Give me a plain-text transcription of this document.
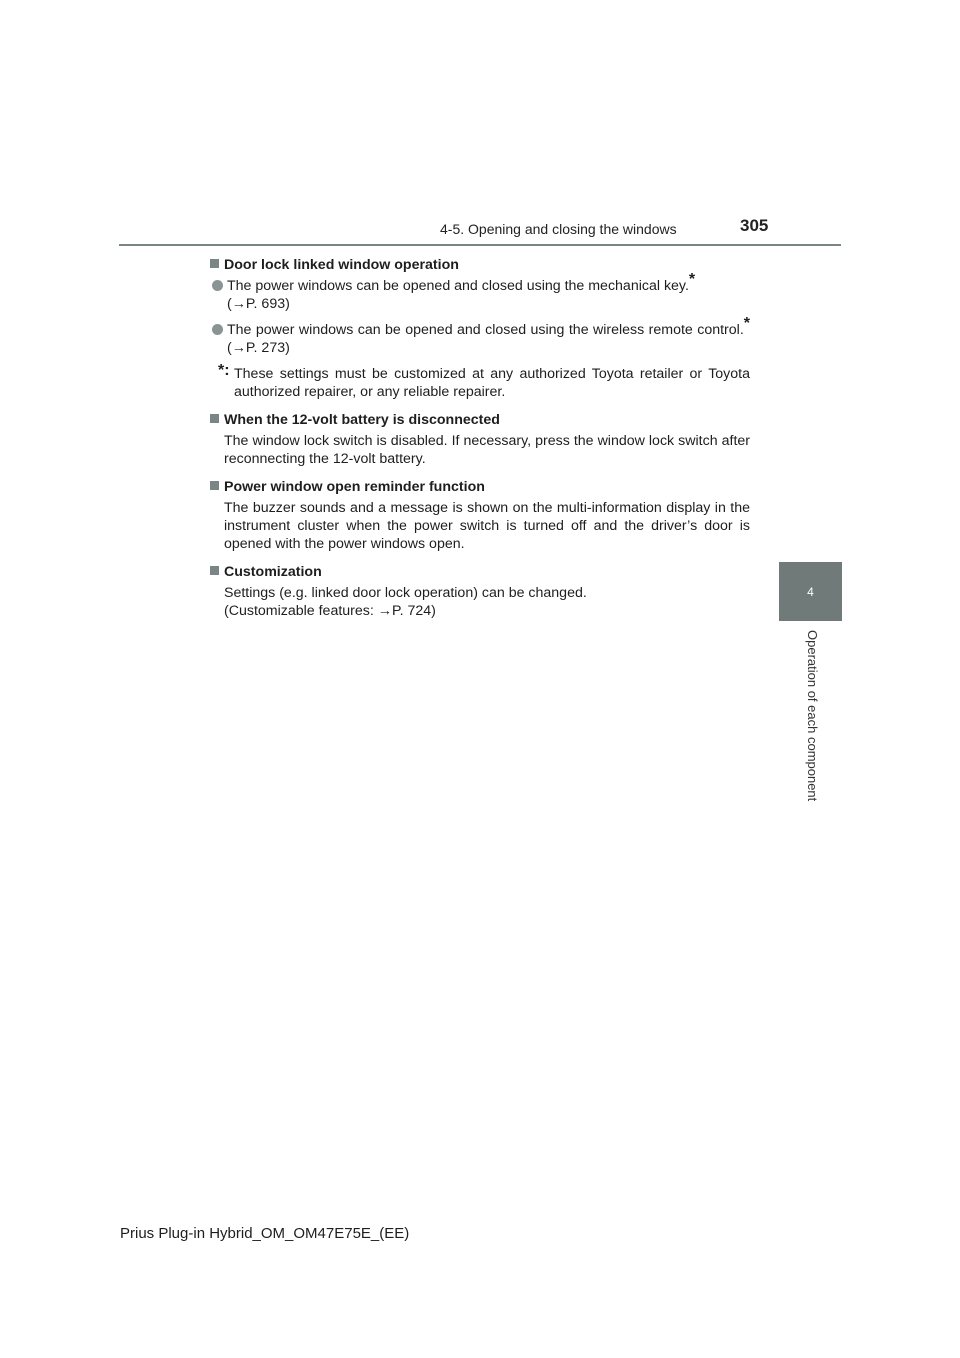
4-5. Opening and closing the windows	305
4
Operation of each component
Door lock linked window operation
The power windows can be opened and closed using the mechanical key.*
(→P. 693)
The power windows can be opened and closed using the wireless remote control.* (→P. 273)
*: These settings must be customized at any authorized Toyota retailer or Toyota authorized repairer, or any reliable repairer.
When the 12-volt battery is disconnected
The window lock switch is disabled. If necessary, press the window lock switch after reconnecting the 12-volt battery.
Power window open reminder function
The buzzer sounds and a message is shown on the multi-information display in the instrument cluster when the power switch is turned off and the driver’s door is opened with the power windows open.
Customization
Settings (e.g. linked door lock operation) can be changed.
(Customizable features: →P. 724)
Prius Plug-in Hybrid_OM_OM47E75E_(EE)
